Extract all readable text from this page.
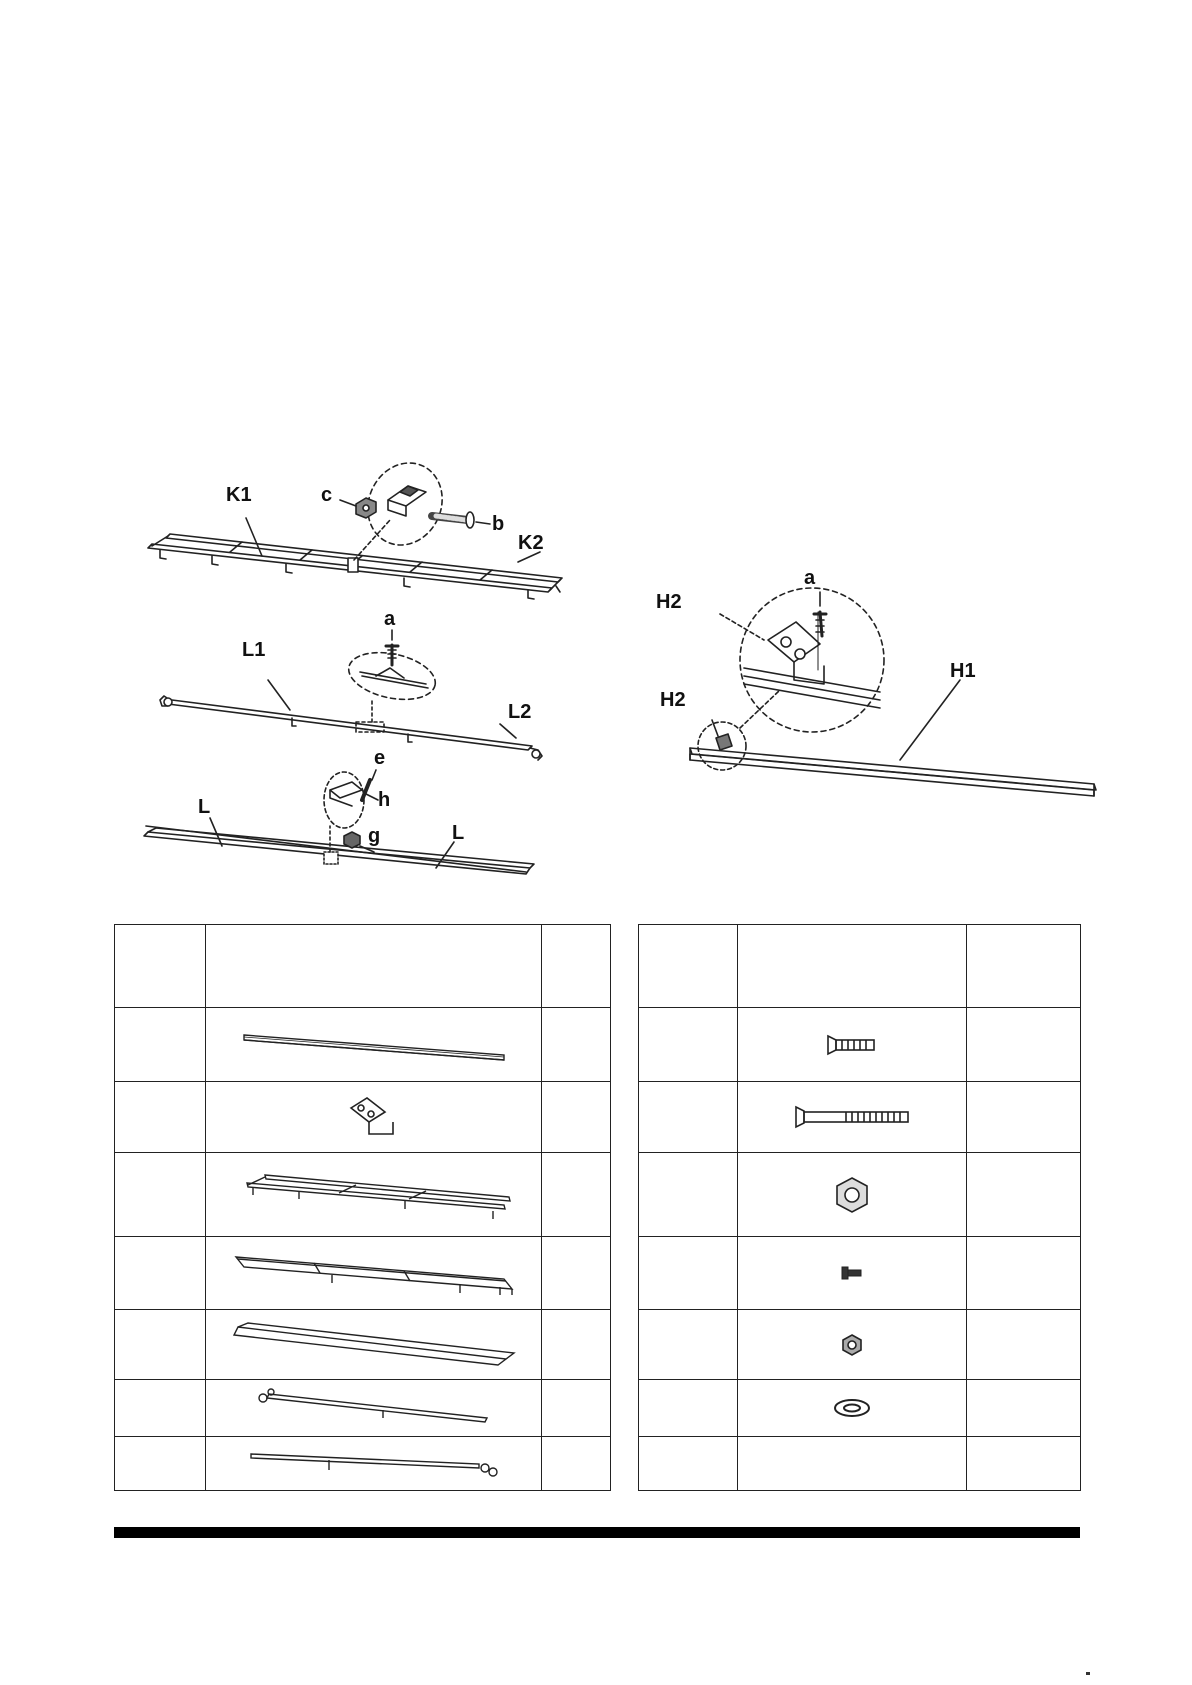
K1
K2
c
b
a
L1
L2
e
h
g
L
L
a
H2
H2
H1
